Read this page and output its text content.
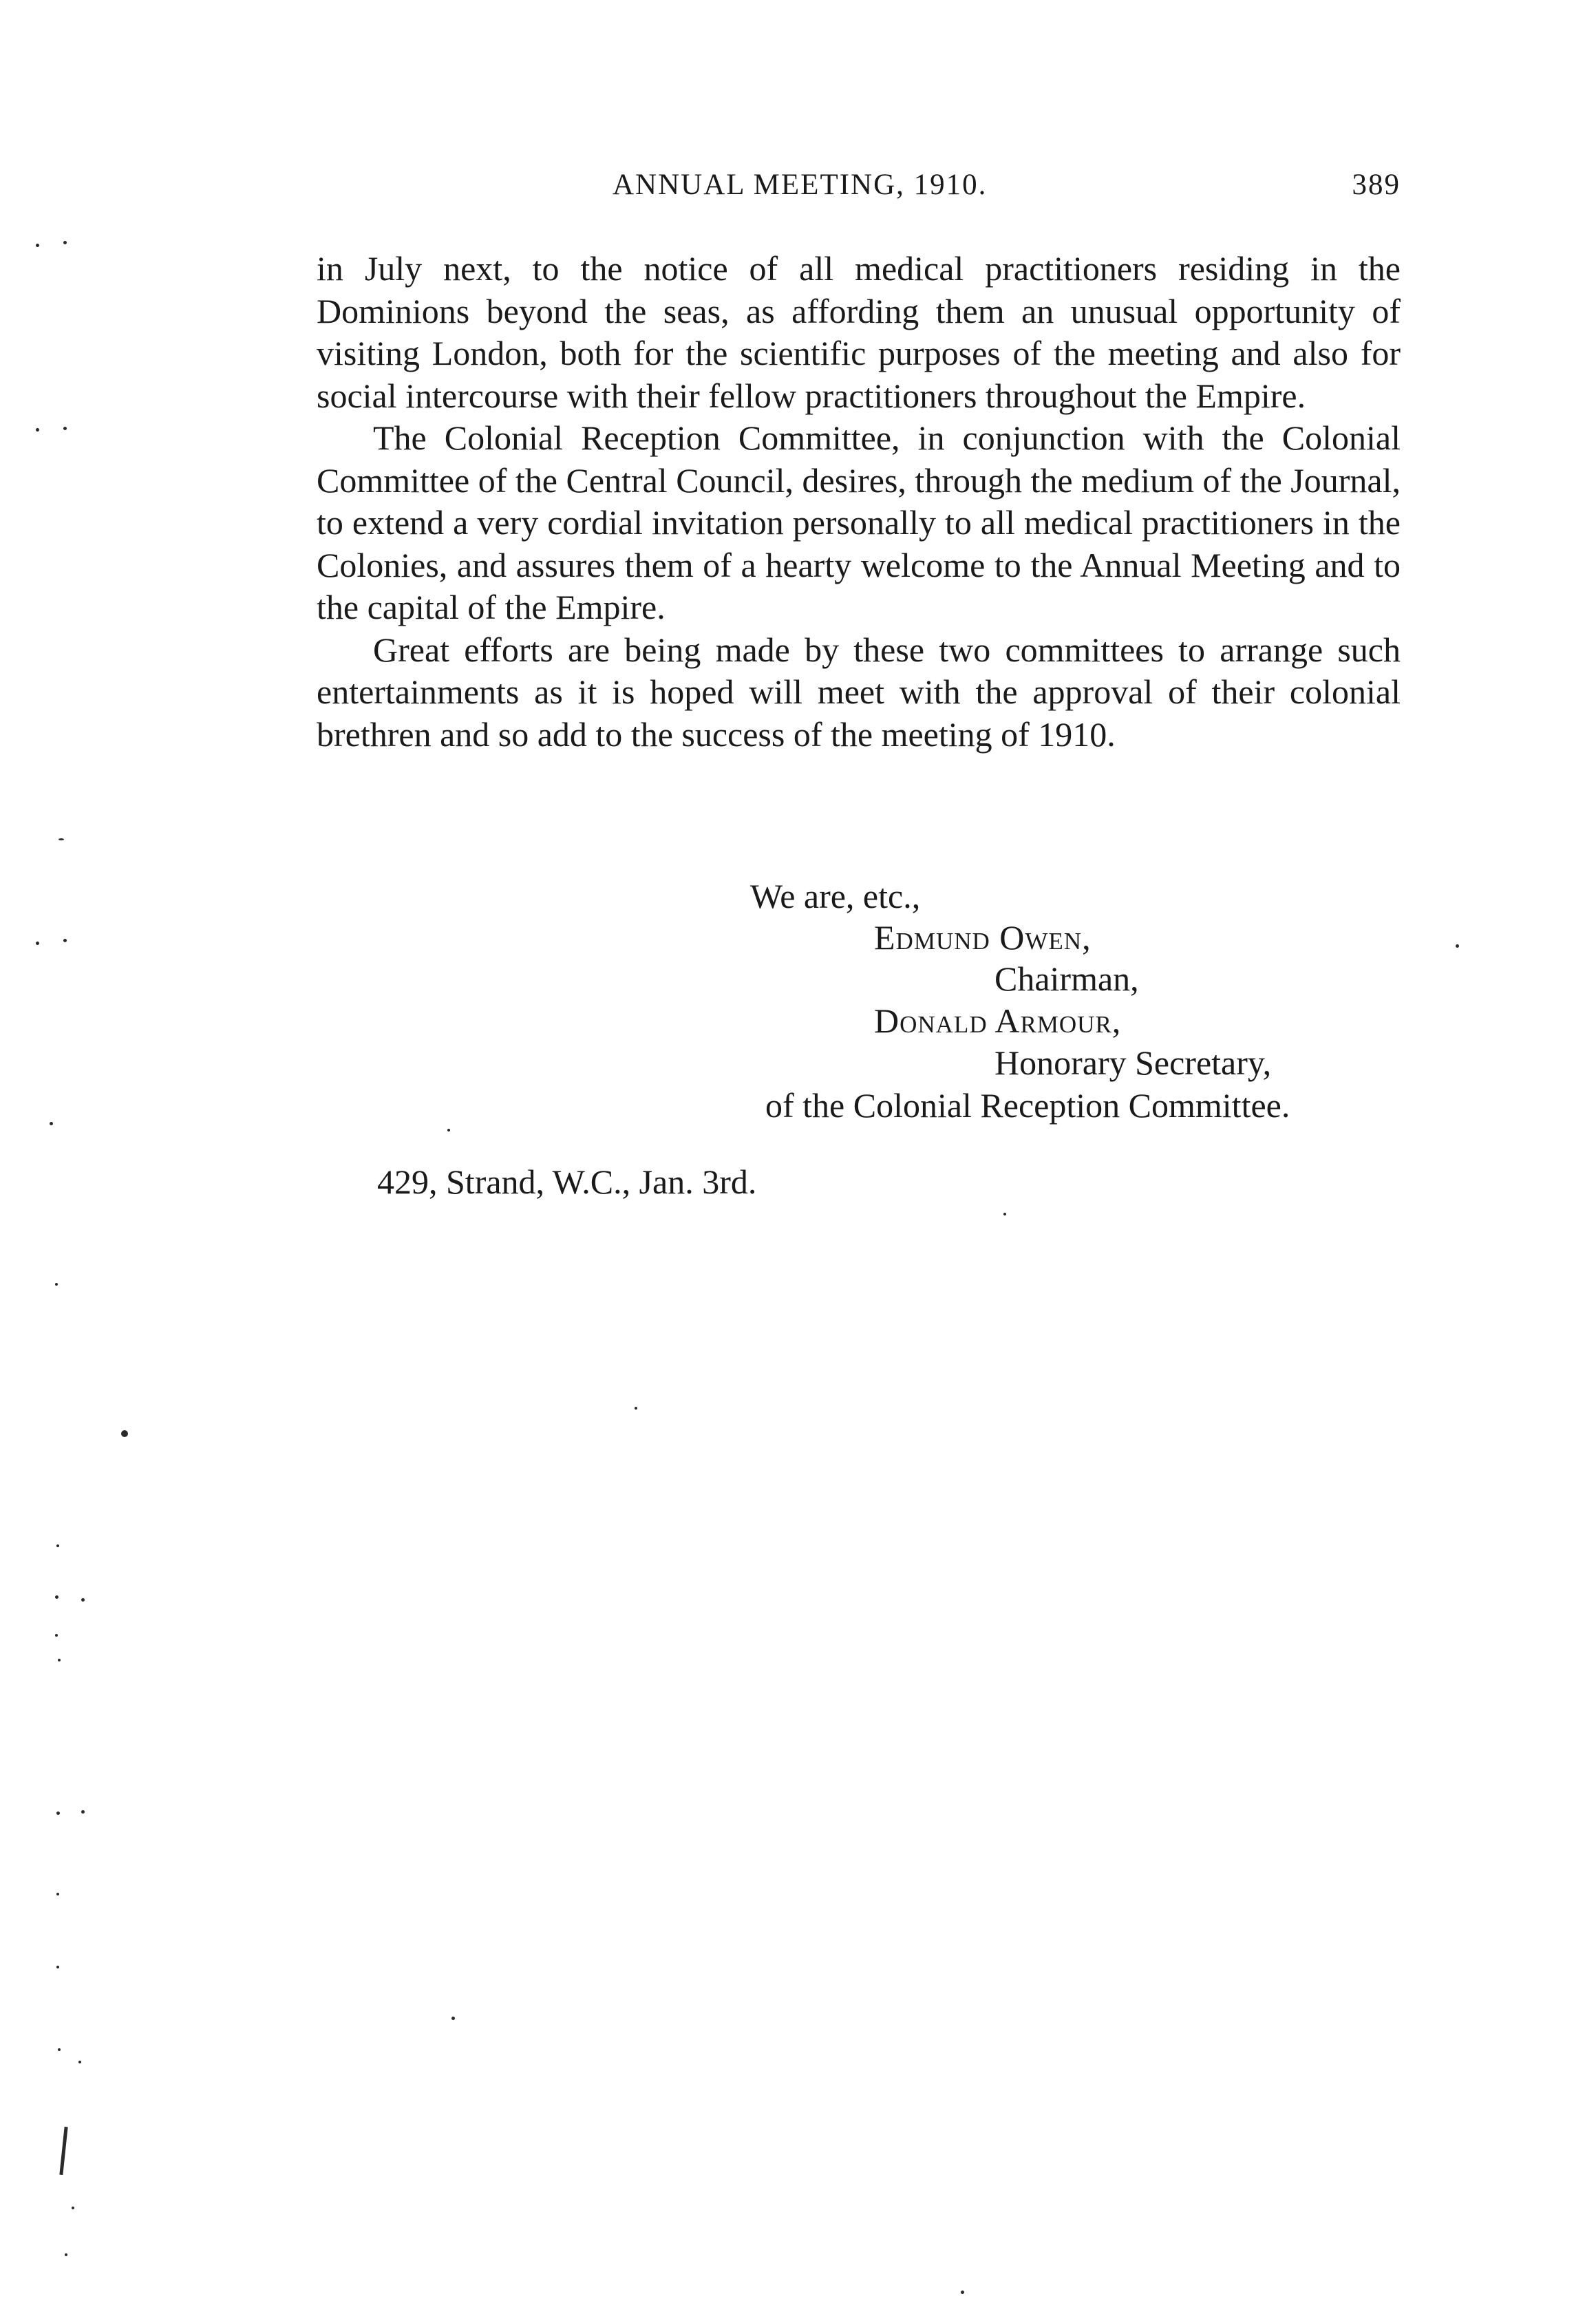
ANNUAL MEETING, 1910.	389

in July next, to the notice of all medical practitioners residing in the Dominions beyond the seas, as affording them an unusual opportunity of visiting London, both for the scientific purposes of the meeting and also for social intercourse with their fellow practitioners throughout the Empire.

The Colonial Reception Committee, in conjunction with the Colonial Committee of the Central Council, desires, through the medium of the Journal, to extend a very cordial invitation personally to all medical practitioners in the Colonies, and assures them of a hearty welcome to the Annual Meeting and to the capital of the Empire.

Great efforts are being made by these two committees to arrange such entertainments as it is hoped will meet with the approval of their colonial brethren and so add to the success of the meeting of 1910.

We are, etc.,
Edmund Owen,
Chairman,
Donald Armour,
Honorary Secretary,
of the Colonial Reception Committee.
429, Strand, W.C., Jan. 3rd.
